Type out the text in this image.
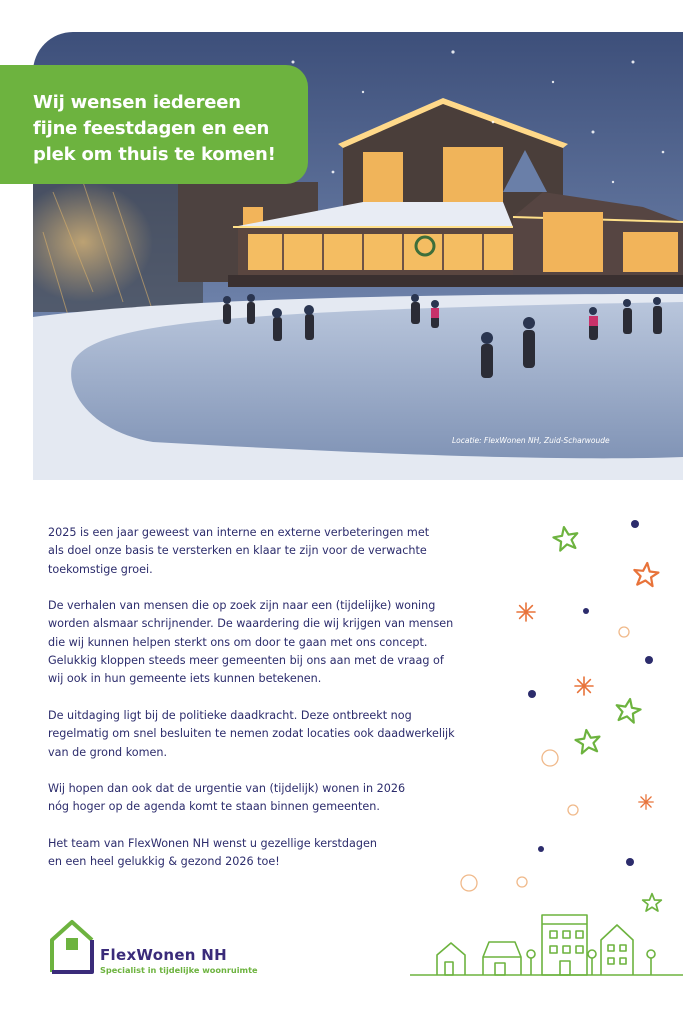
Locatie: FlexWonen NH, Zuid-Scharwoude
Wij wensen iedereen
fijne feestdagen en een
plek om thuis te komen!

2025 is een jaar geweest van interne en externe verbeteringen met
als doel onze basis te versterken en klaar te zijn voor de verwachte
toekomstige groei.

De verhalen van mensen die op zoek zijn naar een (tijdelijke) woning
worden alsmaar schrijnender. De waardering die wij krijgen van mensen
die wij kunnen helpen sterkt ons om door te gaan met ons concept.
Gelukkig kloppen steeds meer gemeenten bij ons aan met de vraag of
wij ook in hun gemeente iets kunnen betekenen.

De uitdaging ligt bij de politieke daadkracht. Deze ontbreekt nog
regelmatig om snel besluiten te nemen zodat locaties ook daadwerkelijk
van de grond komen.

Wij hopen dan ook dat de urgentie van (tijdelijk) wonen in 2026
nóg hoger op de agenda komt te staan binnen gemeenten.

Het team van FlexWonen NH wenst u gezellige kerstdagen
en een heel gelukkig & gezond 2026 toe!

FlexWonen NH
Specialist in tijdelijke woonruimte
